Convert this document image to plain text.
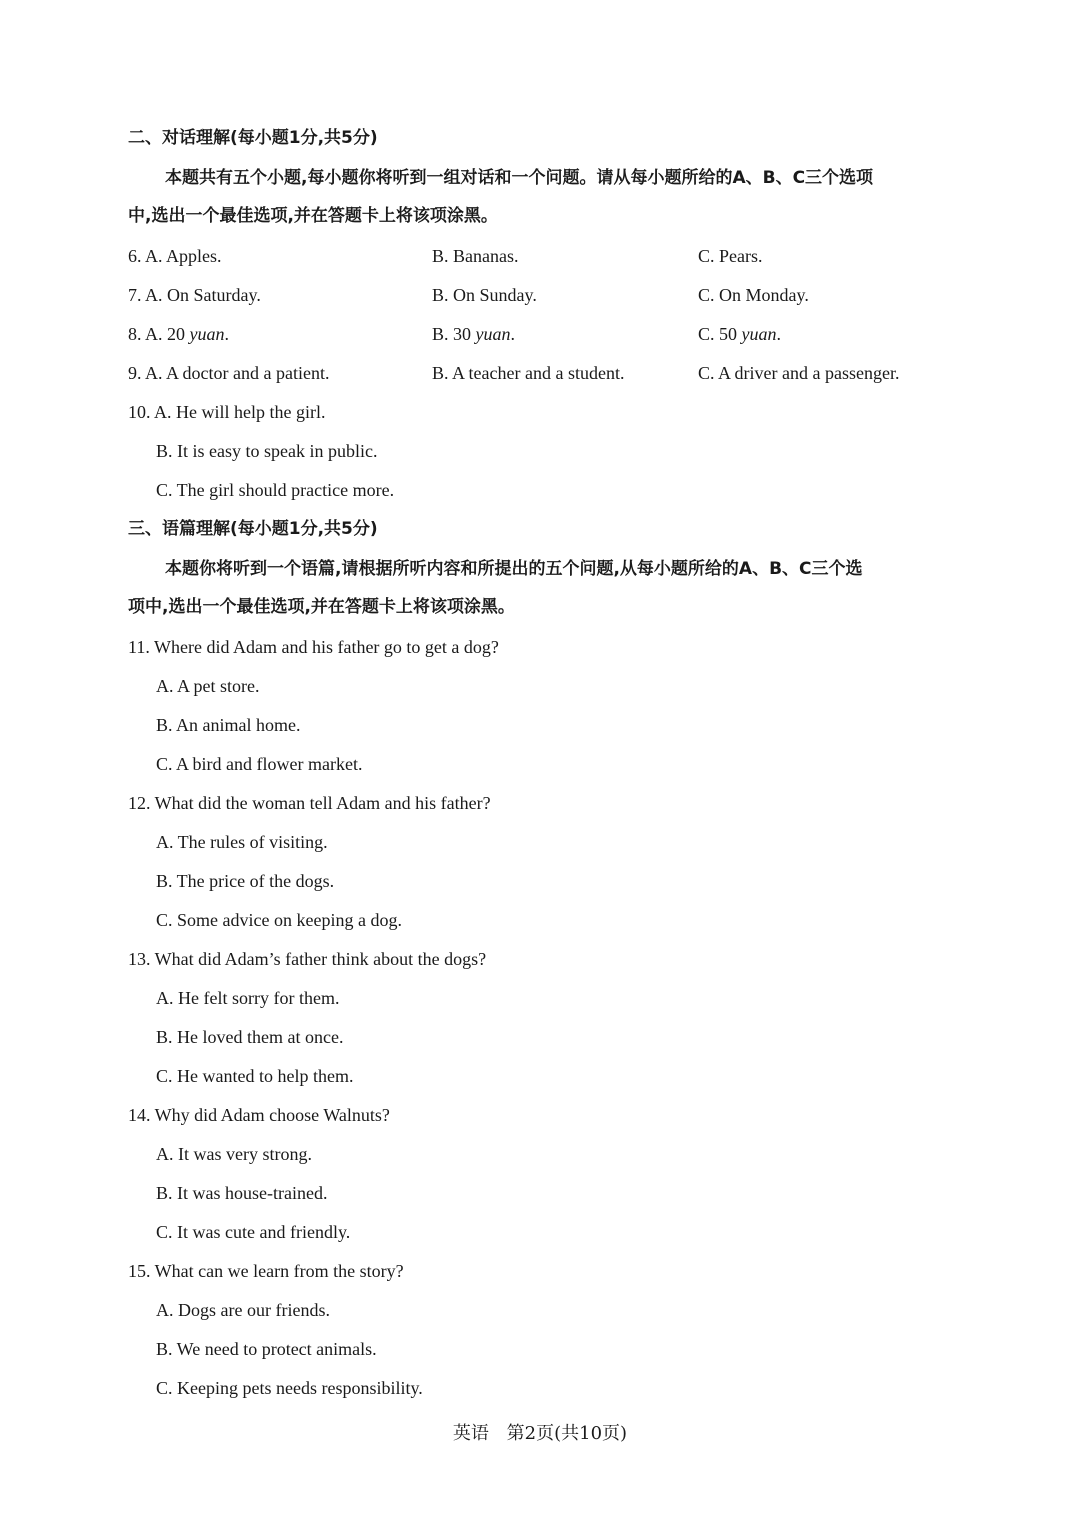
二、对话理解(每小题1分,共5分)
本题共有五个小题,每小题你将听到一组对话和一个问题。请从每小题所给的A、B、C三个选项
中,选出一个最佳选项,并在答题卡上将该项涂黑。
6. A. Apples.	B. Bananas.	C. Pears.
7. A. On Saturday.	B. On Sunday.	C. On Monday.
8. A. 20 yuan.	B. 30 yuan.	C. 50 yuan.
9. A. A doctor and a patient.	B. A teacher and a student.	C. A driver and a passenger.
10. A. He will help the girl.
B. It is easy to speak in public.
C. The girl should practice more.
三、语篇理解(每小题1分,共5分)
本题你将听到一个语篇,请根据所听内容和所提出的五个问题,从每小题所给的A、B、C三个选
项中,选出一个最佳选项,并在答题卡上将该项涂黑。
11. Where did Adam and his father go to get a dog?
A. A pet store.
B. An animal home.
C. A bird and flower market.
12. What did the woman tell Adam and his father?
A. The rules of visiting.
B. The price of the dogs.
C. Some advice on keeping a dog.
13. What did Adam’s father think about the dogs?
A. He felt sorry for them.
B. He loved them at once.
C. He wanted to help them.
14. Why did Adam choose Walnuts?
A. It was very strong.
B. It was house-trained.
C. It was cute and friendly.
15. What can we learn from the story?
A. Dogs are our friends.
B. We need to protect animals.
C. Keeping pets needs responsibility.
英语 第2页(共10页)
